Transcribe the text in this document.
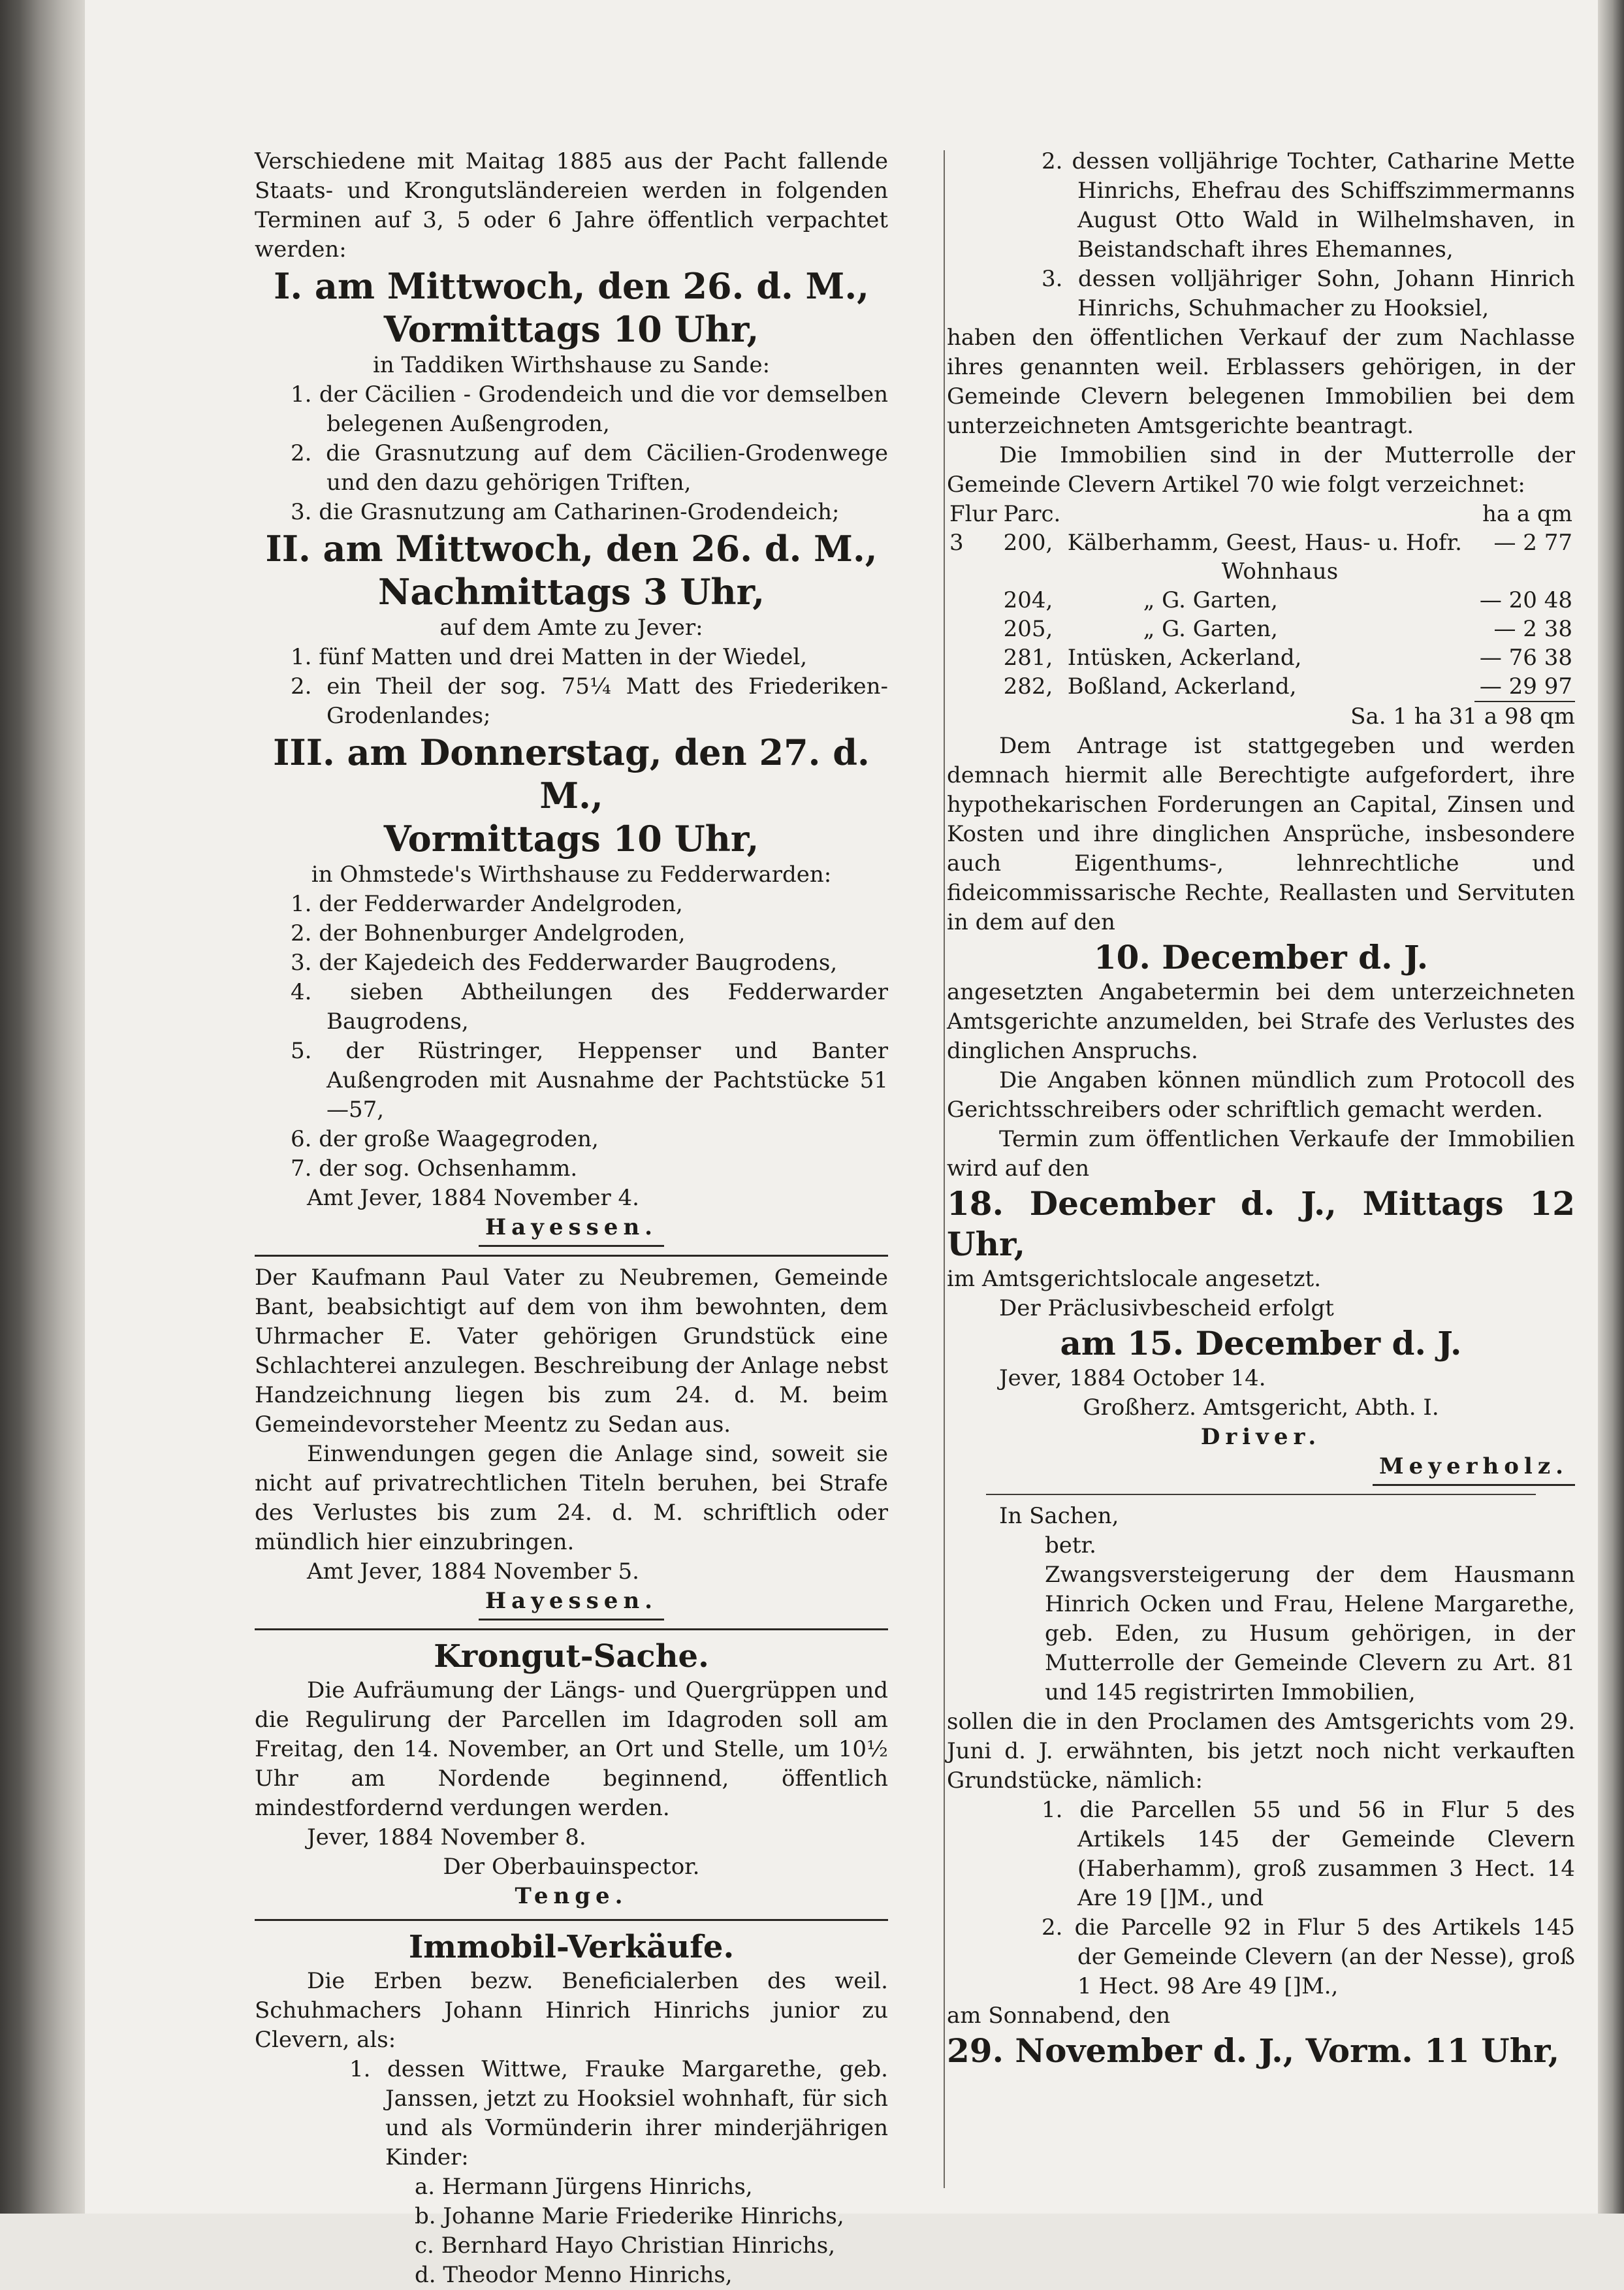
Verschiedene mit Maitag 1885 aus der Pacht fallende Staats- und Krongutsländereien werden in folgenden Terminen auf 3, 5 oder 6 Jahre öffentlich verpachtet werden:

I. am Mittwoch, den 26. d. M.,

Vormittags 10 Uhr,

in Taddiken Wirthshause zu Sande:

1. der Cäcilien - Grodendeich und die vor demselben belegenen Außengroden,

2. die Grasnutzung auf dem Cäcilien-Grodenwege und den dazu gehörigen Triften,

3. die Grasnutzung am Catharinen-Grodendeich;

II. am Mittwoch, den 26. d. M.,

Nachmittags 3 Uhr,

auf dem Amte zu Jever:

1. fünf Matten und drei Matten in der Wiedel,

2. ein Theil der sog. 75¼ Matt des Friederiken-Grodenlandes;

III. am Donnerstag, den 27. d. M.,

Vormittags 10 Uhr,

in Ohmstede's Wirthshause zu Fedderwarden:

1. der Fedderwarder Andelgroden,

2. der Bohnenburger Andelgroden,

3. der Kajedeich des Fedderwarder Baugrodens,

4. sieben Abtheilungen des Fedderwarder Baugrodens,

5. der Rüstringer, Heppenser und Banter Außengroden mit Ausnahme der Pachtstücke 51—57,

6. der große Waagegroden,

7. der sog. Ochsenhamm.

Amt Jever, 1884 November 4.

Hayessen.

Der Kaufmann Paul Vater zu Neubremen, Gemeinde Bant, beabsichtigt auf dem von ihm bewohnten, dem Uhrmacher E. Vater gehörigen Grundstück eine Schlachterei anzulegen. Beschreibung der Anlage nebst Handzeichnung liegen bis zum 24. d. M. beim Gemeindevorsteher Meentz zu Sedan aus.

Einwendungen gegen die Anlage sind, soweit sie nicht auf privatrechtlichen Titeln beruhen, bei Strafe des Verlustes bis zum 24. d. M. schriftlich oder mündlich hier einzubringen.

Amt Jever, 1884 November 5.

Hayessen.

Krongut-Sache.

Die Aufräumung der Längs- und Quergrüppen und die Regulirung der Parcellen im Idagroden soll am Freitag, den 14. November, an Ort und Stelle, um 10½ Uhr am Nordende beginnend, öffentlich mindestfordernd verdungen werden.

Jever, 1884 November 8.

Der Oberbauinspector.

Tenge.

Immobil-Verkäufe.

Die Erben bezw. Beneficialerben des weil. Schuhmachers Johann Hinrich Hinrichs junior zu Clevern, als:

1. dessen Wittwe, Frauke Margarethe, geb. Janssen, jetzt zu Hooksiel wohnhaft, für sich und als Vormünderin ihrer minderjährigen Kinder:

a. Hermann Jürgens Hinrichs,

b. Johanne Marie Friederike Hinrichs,

c. Bernhard Hayo Christian Hinrichs,

d. Theodor Menno Hinrichs,

2. dessen volljährige Tochter, Catharine Mette Hinrichs, Ehefrau des Schiffszimmermanns August Otto Wald in Wilhelmshaven, in Beistandschaft ihres Ehemannes,

3. dessen volljähriger Sohn, Johann Hinrich Hinrichs, Schuhmacher zu Hooksiel,

haben den öffentlichen Verkauf der zum Nachlasse ihres genannten weil. Erblassers gehörigen, in der Gemeinde Clevern belegenen Immobilien bei dem unterzeichneten Amtsgerichte beantragt.

Die Immobilien sind in der Mutterrolle der Gemeinde Clevern Artikel 70 wie folgt verzeichnet:

Flur	Parc.		ha a qm
3	200,	Kälberhamm, Geest, Haus- u. Hofr.	— 2 77
		Wohnhaus	
	204,	„ G. Garten,	— 20 48
	205,	„ G. Garten,	— 2 38
	281,	Intüsken, Ackerland,	— 76 38
	282,	Boßland, Ackerland,	— 29 97

Sa. 1 ha 31 a 98 qm

Dem Antrage ist stattgegeben und werden demnach hiermit alle Berechtigte aufgefordert, ihre hypothekarischen Forderungen an Capital, Zinsen und Kosten und ihre dinglichen Ansprüche, insbesondere auch Eigenthums-, lehnrechtliche und fideicommissarische Rechte, Reallasten und Servituten in dem auf den

10. December d. J.

angesetzten Angabetermin bei dem unterzeichneten Amtsgerichte anzumelden, bei Strafe des Verlustes des dinglichen Anspruchs.

Die Angaben können mündlich zum Protocoll des Gerichtsschreibers oder schriftlich gemacht werden.

Termin zum öffentlichen Verkaufe der Immobilien wird auf den

18. December d. J., Mittags 12 Uhr,

im Amtsgerichtslocale angesetzt.

Der Präclusivbescheid erfolgt

am 15. December d. J.

Jever, 1884 October 14.

Großherz. Amtsgericht, Abth. I.

Driver.

Meyerholz.

In Sachen,

betr.

Zwangsversteigerung der dem Hausmann Hinrich Ocken und Frau, Helene Margarethe, geb. Eden, zu Husum gehörigen, in der Mutterrolle der Gemeinde Clevern zu Art. 81 und 145 registrirten Immobilien,

sollen die in den Proclamen des Amtsgerichts vom 29. Juni d. J. erwähnten, bis jetzt noch nicht verkauften Grundstücke, nämlich:

1. die Parcellen 55 und 56 in Flur 5 des Artikels 145 der Gemeinde Clevern (Haberhamm), groß zusammen 3 Hect. 14 Are 19 []M., und

2. die Parcelle 92 in Flur 5 des Artikels 145 der Gemeinde Clevern (an der Nesse), groß 1 Hect. 98 Are 49 []M.,

am Sonnabend, den

29. November d. J., Vorm. 11 Uhr,
